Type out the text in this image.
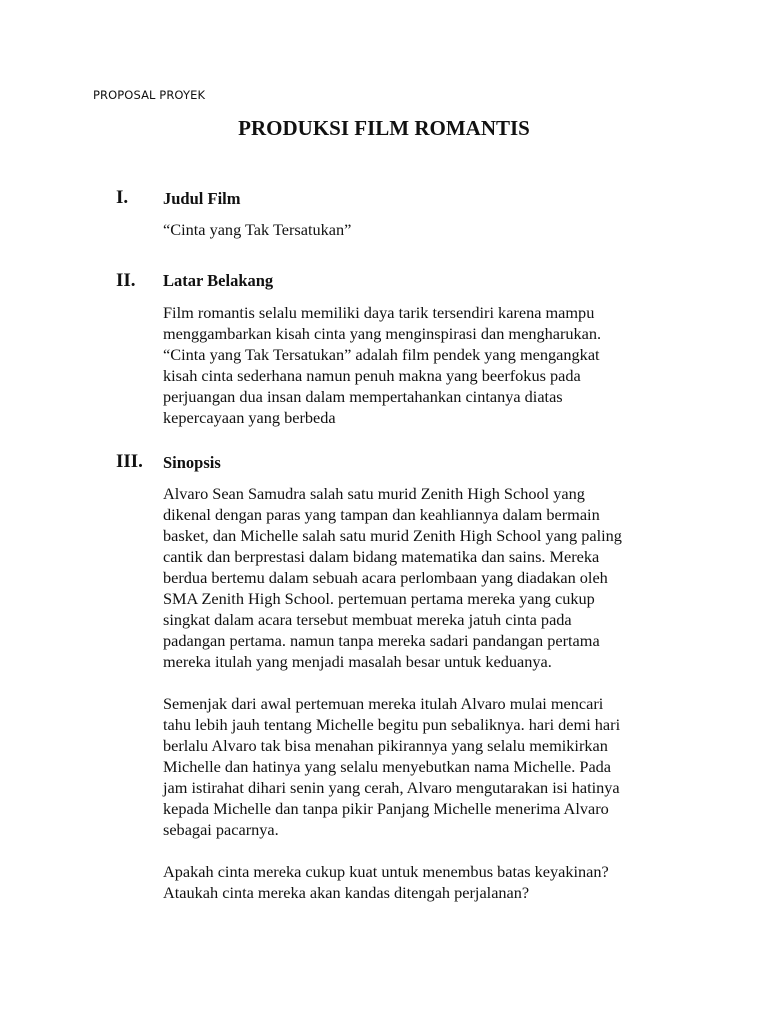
PROPOSAL PROYEK
PRODUKSI FILM ROMANTIS
I. Judul Film

“Cinta yang Tak Tersatukan”

II. Latar Belakang

Film romantis selalu memiliki daya tarik tersendiri karena mampu
menggambarkan kisah cinta yang menginspirasi dan mengharukan.
“Cinta yang Tak Tersatukan” adalah film pendek yang mengangkat
kisah cinta sederhana namun penuh makna yang beerfokus pada
perjuangan dua insan dalam mempertahankan cintanya diatas
kepercayaan yang berbeda

III. Sinopsis

Alvaro Sean Samudra salah satu murid Zenith High School yang
dikenal dengan paras yang tampan dan keahliannya dalam bermain
basket, dan Michelle salah satu murid Zenith High School yang paling
cantik dan berprestasi dalam bidang matematika dan sains. Mereka
berdua bertemu dalam sebuah acara perlombaan yang diadakan oleh
SMA Zenith High School. pertemuan pertama mereka yang cukup
singkat dalam acara tersebut membuat mereka jatuh cinta pada
padangan pertama. namun tanpa mereka sadari pandangan pertama
mereka itulah yang menjadi masalah besar untuk keduanya.

Semenjak dari awal pertemuan mereka itulah Alvaro mulai mencari
tahu lebih jauh tentang Michelle begitu pun sebaliknya. hari demi hari
berlalu Alvaro tak bisa menahan pikirannya yang selalu memikirkan
Michelle dan hatinya yang selalu menyebutkan nama Michelle. Pada
jam istirahat dihari senin yang cerah, Alvaro mengutarakan isi hatinya
kepada Michelle dan tanpa pikir Panjang Michelle menerima Alvaro
sebagai pacarnya.

Apakah cinta mereka cukup kuat untuk menembus batas keyakinan?
Ataukah cinta mereka akan kandas ditengah perjalanan?
